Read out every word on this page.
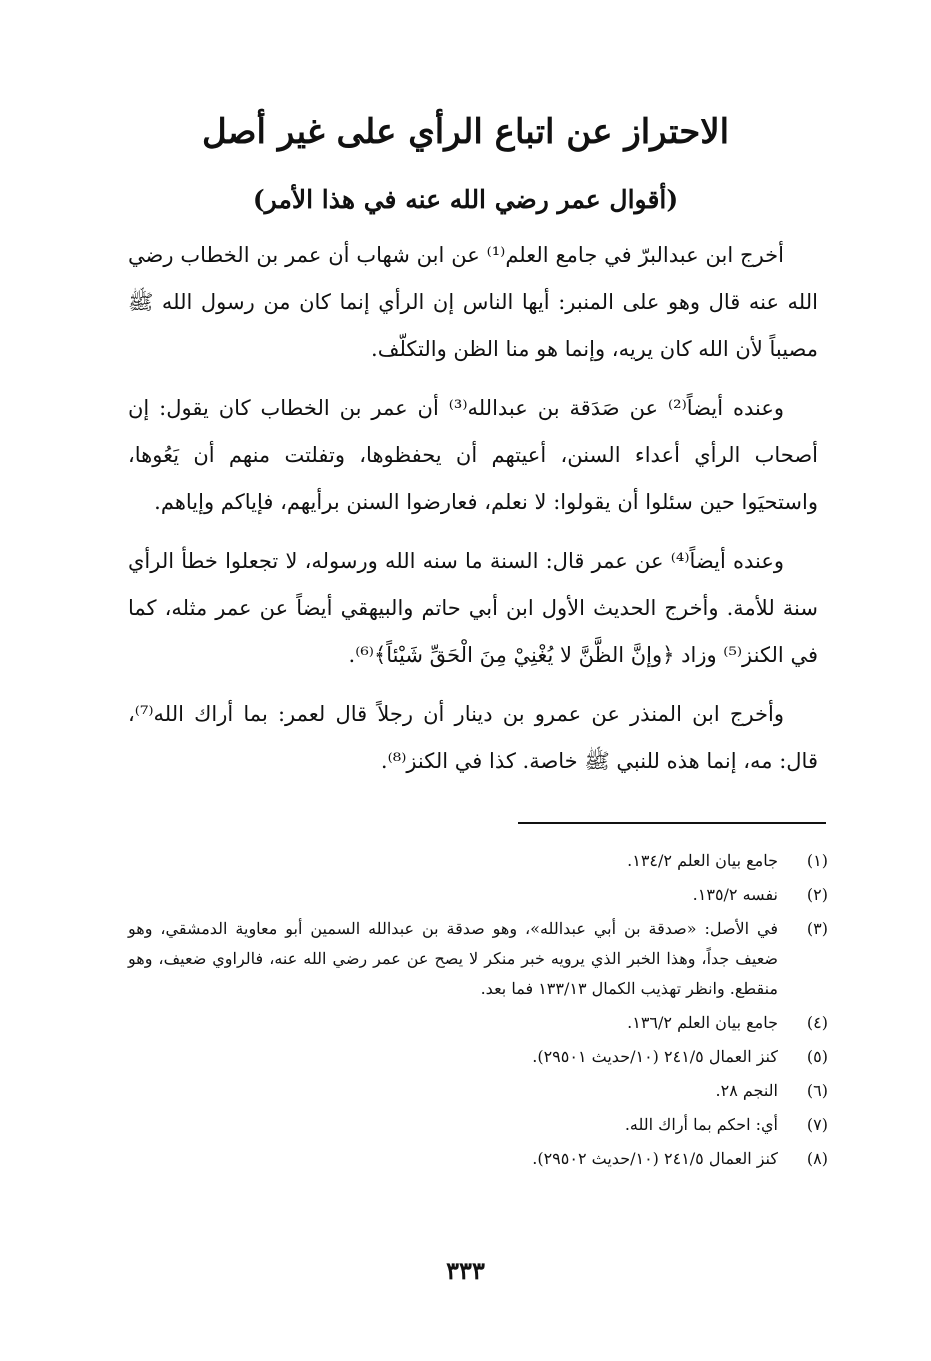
الاحتراز عن اتباع الرأي على غير أصل
(أقوال عمر رضي الله عنه في هذا الأمر)

أخرج ابن عبدالبرّ في جامع العلم⁽¹⁾ عن ابن شهاب أن عمر بن الخطاب رضي الله عنه قال وهو على المنبر: أيها الناس إن الرأي إنما كان من رسول الله ﷺ مصيباً لأن الله كان يريه، وإنما هو منا الظن والتكلّف.

وعنده أيضاً⁽²⁾ عن صَدَقة بن عبدالله⁽³⁾ أن عمر بن الخطاب كان يقول: إن أصحاب الرأي أعداء السنن، أعيتهم أن يحفظوها، وتفلتت منهم أن يَعُوها، واستحيَوا حين سئلوا أن يقولوا: لا نعلم، فعارضوا السنن برأيهم، فإياكم وإياهم.

وعنده أيضاً⁽⁴⁾ عن عمر قال: السنة ما سنه الله ورسوله، لا تجعلوا خطأ الرأي سنة للأمة. وأخرج الحديث الأول ابن أبي حاتم والبيهقي أيضاً عن عمر مثله، كما في الكنز⁽⁵⁾ وزاد ﴿وإنَّ الظَّنَّ لا يُغْنِيْ مِنَ الْحَقِّ شَيْئاً﴾⁽⁶⁾.

وأخرج ابن المنذر عن عمرو بن دينار أن رجلاً قال لعمر: بما أراك الله⁽⁷⁾، قال: مه، إنما هذه للنبي ﷺ خاصة. كذا في الكنز⁽⁸⁾.

(١)
جامع بيان العلم ١٣٤/٢.
(٢)
نفسه ١٣٥/٢.
(٣)
في الأصل: «صدقة بن أبي عبدالله»، وهو صدقة بن عبدالله السمين أبو معاوية الدمشقي، وهو ضعيف جداً، وهذا الخبر الذي يرويه خبر منكر لا يصح عن عمر رضي الله عنه، فالراوي ضعيف، وهو منقطع. وانظر تهذيب الكمال ١٣٣/١٣ فما بعد.
(٤)
جامع بيان العلم ١٣٦/٢.
(٥)
كنز العمال ٢٤١/٥ (١٠/حديث ٢٩٥٠١).
(٦)
النجم ٢٨.
(٧)
أي: احكم بما أراك الله.
(٨)
كنز العمال ٢٤١/٥ (١٠/حديث ٢٩٥٠٢).
٣٣٣
